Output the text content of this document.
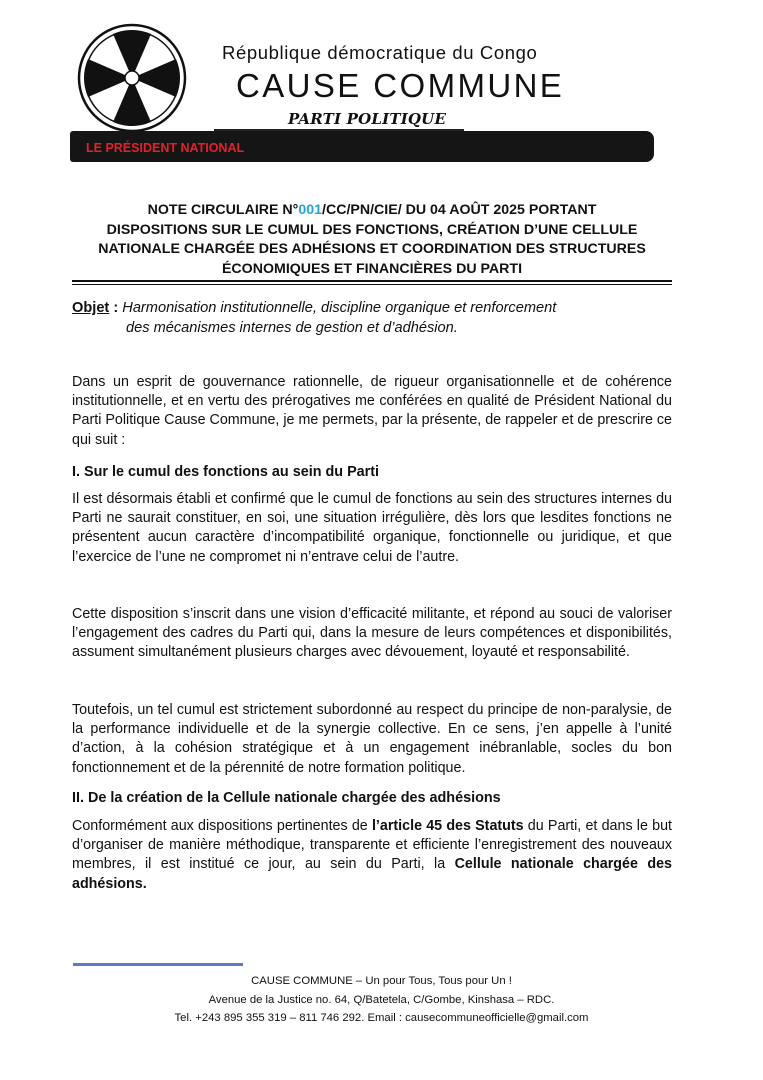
République démocratique du Congo
CAUSE COMMUNE
PARTI POLITIQUE
LE PRÉSIDENT NATIONAL
NOTE CIRCULAIRE N°001/CC/PN/CIE/ DU 04 AOÛT 2025 PORTANT
DISPOSITIONS SUR LE CUMUL DES FONCTIONS, CRÉATION D’UNE CELLULE
NATIONALE CHARGÉE DES ADHÉSIONS ET COORDINATION DES STRUCTURES
ÉCONOMIQUES ET FINANCIÈRES DU PARTI
Objet : Harmonisation institutionnelle, discipline organique et renforcement
des mécanismes internes de gestion et d’adhésion.

Dans un esprit de gouvernance rationnelle, de rigueur organisationnelle et de cohérence institutionnelle, et en vertu des prérogatives me conférées en qualité de Président National du Parti Politique Cause Commune, je me permets, par la présente, de rappeler et de prescrire ce qui suit :

I. Sur le cumul des fonctions au sein du Parti

Il est désormais établi et confirmé que le cumul de fonctions au sein des structures internes du Parti ne saurait constituer, en soi, une situation irrégulière, dès lors que lesdites fonctions ne présentent aucun caractère d’incompatibilité organique, fonctionnelle ou juridique, et que l’exercice de l’une ne compromet ni n’entrave celui de l’autre.

Cette disposition s’inscrit dans une vision d’efficacité militante, et répond au souci de valoriser l’engagement des cadres du Parti qui, dans la mesure de leurs compétences et disponibilités, assument simultanément plusieurs charges avec dévouement, loyauté et responsabilité.

Toutefois, un tel cumul est strictement subordonné au respect du principe de non-paralysie, de la performance individuelle et de la synergie collective. En ce sens, j’en appelle à l’unité d’action, à la cohésion stratégique et à un engagement inébranlable, socles du bon fonctionnement et de la pérennité de notre formation politique.

II. De la création de la Cellule nationale chargée des adhésions

Conformément aux dispositions pertinentes de l’article 45 des Statuts du Parti, et dans le but d’organiser de manière méthodique, transparente et efficiente l’enregistrement des nouveaux membres, il est institué ce jour, au sein du Parti, la Cellule nationale chargée des adhésions.

CAUSE COMMUNE – Un pour Tous, Tous pour Un !
Avenue de la Justice no. 64, Q/Batetela, C/Gombe, Kinshasa – RDC.
Tel. +243 895 355 319 – 811 746 292. Email : causecommuneofficielle@gmail.com
